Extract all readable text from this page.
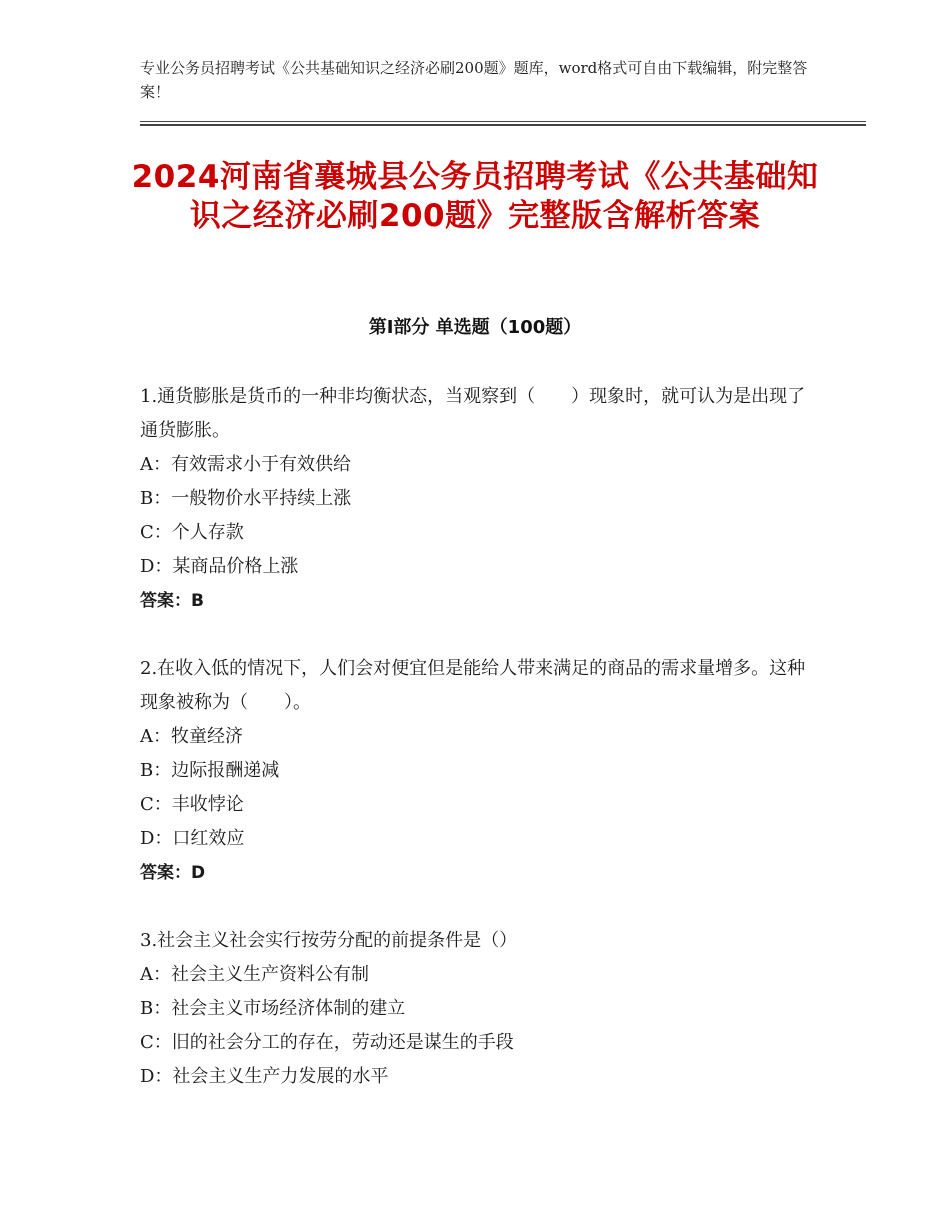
专业公务员招聘考试《公共基础知识之经济必刷200题》题库，word格式可自由下载编辑，附完整答案！
2024河南省襄城县公务员招聘考试《公共基础知识之经济必刷200题》完整版含解析答案
第I部分 单选题（100题）

1.通货膨胀是货币的一种非均衡状态，当观察到（　　）现象时，就可认为是出现了通货膨胀。

A：有效需求小于有效供给

B：一般物价水平持续上涨

C：个人存款

D：某商品价格上涨

答案：B

2.在收入低的情况下，人们会对便宜但是能给人带来满足的商品的需求量增多。这种现象被称为（　　）。

A：牧童经济

B：边际报酬递减

C：丰收悖论

D：口红效应

答案：D

3.社会主义社会实行按劳分配的前提条件是（）

A：社会主义生产资料公有制

B：社会主义市场经济体制的建立

C：旧的社会分工的存在，劳动还是谋生的手段

D：社会主义生产力发展的水平
